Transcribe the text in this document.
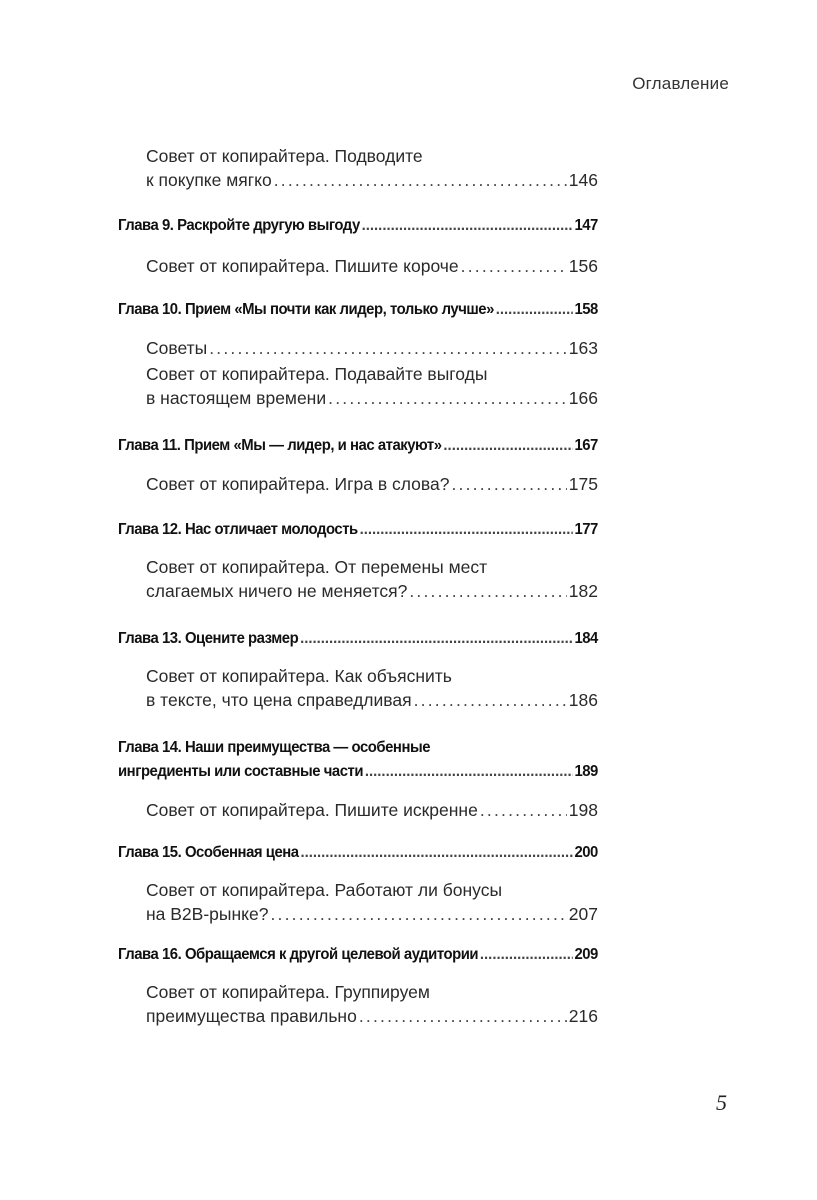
Оглавление
Совет от копирайтера. Подводите
к покупке мягко .....	146
Глава 9. Раскройте другую выгоду .....	147
Совет от копирайтера. Пишите короче .....	156
Глава 10. Прием «Мы почти как лидер, только лучше» .....	158
Советы .....	163
Совет от копирайтера. Подавайте выгоды
в настоящем времени .....	166
Глава 11. Прием «Мы — лидер, и нас атакуют» .....	167
Совет от копирайтера. Игра в слова? .....	175
Глава 12. Нас отличает молодость .....	177
Совет от копирайтера. От перемены мест
слагаемых ничего не меняется? .....	182
Глава 13. Оцените размер .....	184
Совет от копирайтера. Как объяснить
в тексте, что цена справедливая .....	186
Глава 14. Наши преимущества — особенные
ингредиенты или составные части .....	189
Совет от копирайтера. Пишите искренне .....	198
Глава 15. Особенная цена .....	200
Совет от копирайтера. Работают ли бонусы
на B2B-рынке? .....	207
Глава 16. Обращаемся к другой целевой аудитории .....	209
Совет от копирайтера. Группируем
преимущества правильно .....	216
5
